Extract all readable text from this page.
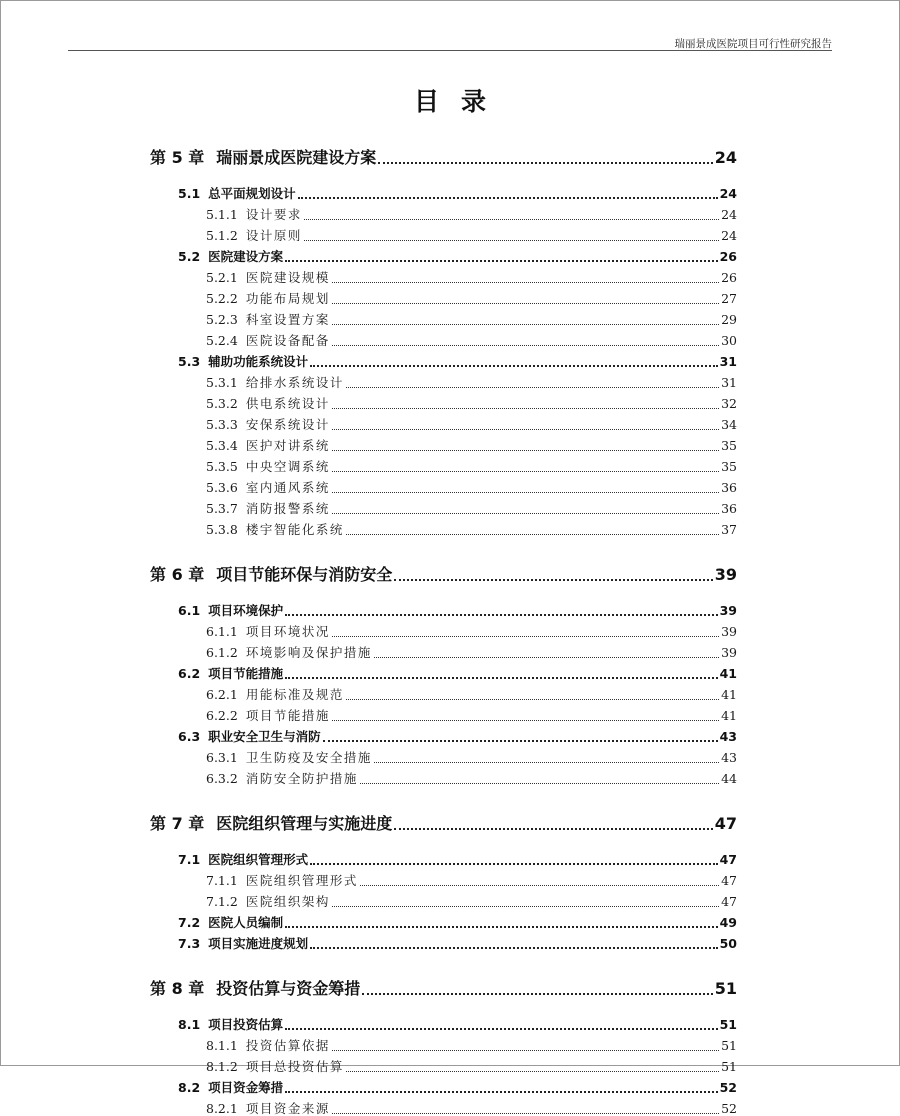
瑞丽景成医院项目可行性研究报告
目录
第 5 章 瑞丽景成医院建设方案	24
5.1 总平面规划设计	24
5.1.1 设计要求	24
5.1.2 设计原则	24
5.2 医院建设方案	26
5.2.1 医院建设规模	26
5.2.2 功能布局规划	27
5.2.3 科室设置方案	29
5.2.4 医院设备配备	30
5.3 辅助功能系统设计	31
5.3.1 给排水系统设计	31
5.3.2 供电系统设计	32
5.3.3 安保系统设计	34
5.3.4 医护对讲系统	35
5.3.5 中央空调系统	35
5.3.6 室内通风系统	36
5.3.7 消防报警系统	36
5.3.8 楼宇智能化系统	37
第 6 章 项目节能环保与消防安全	39
6.1 项目环境保护	39
6.1.1 项目环境状况	39
6.1.2 环境影响及保护措施	39
6.2 项目节能措施	41
6.2.1 用能标准及规范	41
6.2.2 项目节能措施	41
6.3 职业安全卫生与消防	43
6.3.1 卫生防疫及安全措施	43
6.3.2 消防安全防护措施	44
第 7 章 医院组织管理与实施进度	47
7.1 医院组织管理形式	47
7.1.1 医院组织管理形式	47
7.1.2 医院组织架构	47
7.2 医院人员编制	49
7.3 项目实施进度规划	50
第 8 章 投资估算与资金筹措	51
8.1 项目投资估算	51
8.1.1 投资估算依据	51
8.1.2 项目总投资估算	51
8.2 项目资金筹措	52
8.2.1 项目资金来源	52
